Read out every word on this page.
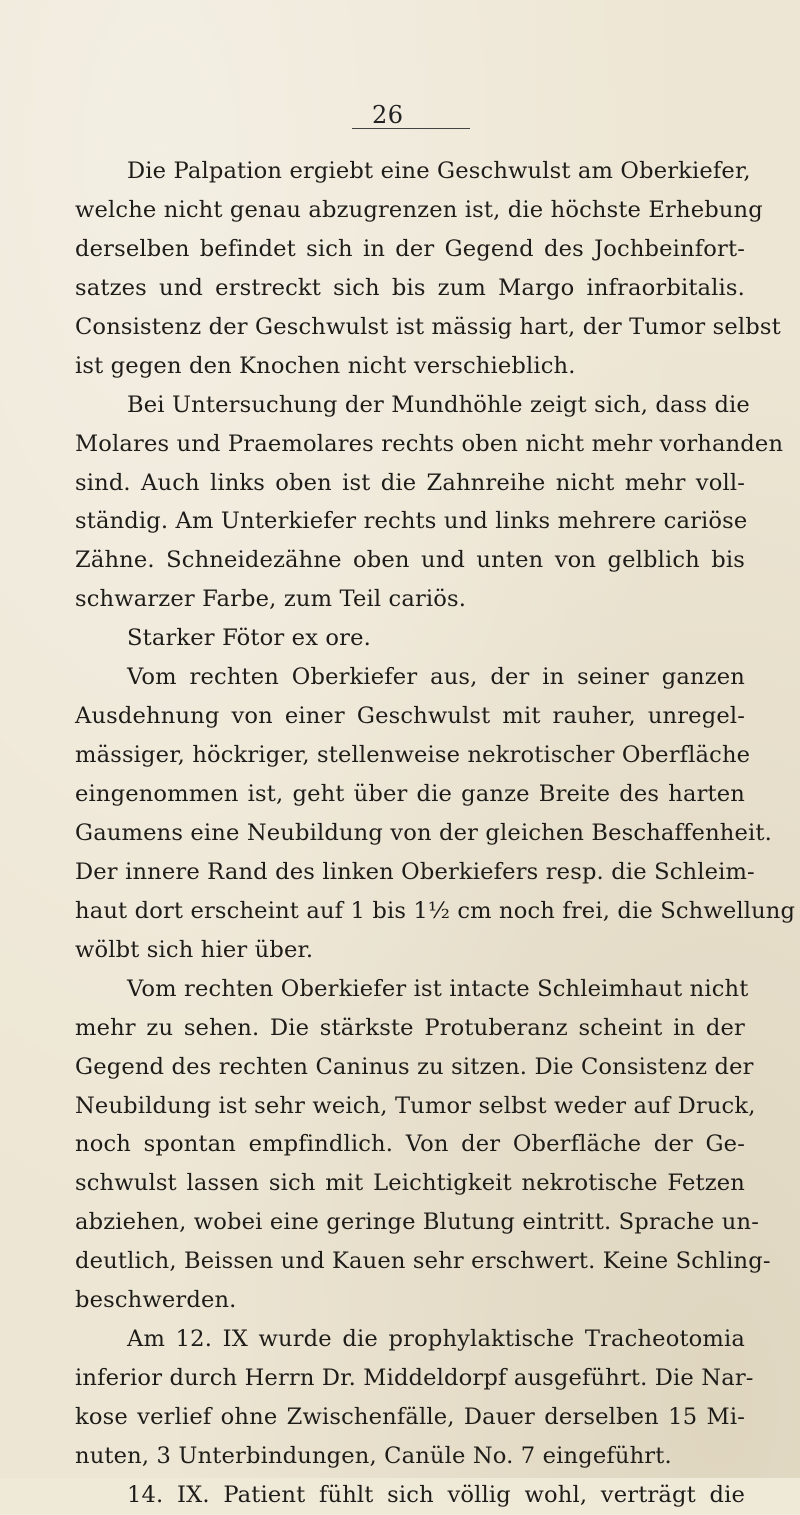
26
Die Palpation ergiebt eine Geschwulst am Oberkiefer,
welche nicht genau abzugrenzen ist, die höchste Erhebung
derselben befindet sich in der Gegend des Jochbeinfort-
satzes und erstreckt sich bis zum Margo infraorbitalis.
Consistenz der Geschwulst ist mässig hart, der Tumor selbst
ist gegen den Knochen nicht verschieblich.
Bei Untersuchung der Mundhöhle zeigt sich, dass die
Molares und Praemolares rechts oben nicht mehr vorhanden
sind. Auch links oben ist die Zahnreihe nicht mehr voll-
ständig. Am Unterkiefer rechts und links mehrere cariöse
Zähne. Schneidezähne oben und unten von gelblich bis
schwarzer Farbe, zum Teil cariös.
Starker Fötor ex ore.
Vom rechten Oberkiefer aus, der in seiner ganzen
Ausdehnung von einer Geschwulst mit rauher, unregel-
mässiger, höckriger, stellenweise nekrotischer Oberfläche
eingenommen ist, geht über die ganze Breite des harten
Gaumens eine Neubildung von der gleichen Beschaffenheit.
Der innere Rand des linken Oberkiefers resp. die Schleim-
haut dort erscheint auf 1 bis 1½ cm noch frei, die Schwellung
wölbt sich hier über.
Vom rechten Oberkiefer ist intacte Schleimhaut nicht
mehr zu sehen. Die stärkste Protuberanz scheint in der
Gegend des rechten Caninus zu sitzen. Die Consistenz der
Neubildung ist sehr weich, Tumor selbst weder auf Druck,
noch spontan empfindlich. Von der Oberfläche der Ge-
schwulst lassen sich mit Leichtigkeit nekrotische Fetzen
abziehen, wobei eine geringe Blutung eintritt. Sprache un-
deutlich, Beissen und Kauen sehr erschwert. Keine Schling-
beschwerden.
Am 12. IX wurde die prophylaktische Tracheotomia
inferior durch Herrn Dr. Middeldorpf ausgeführt. Die Nar-
kose verlief ohne Zwischenfälle, Dauer derselben 15 Mi-
nuten, 3 Unterbindungen, Canüle No. 7 eingeführt.
14. IX. Patient fühlt sich völlig wohl, verträgt die
